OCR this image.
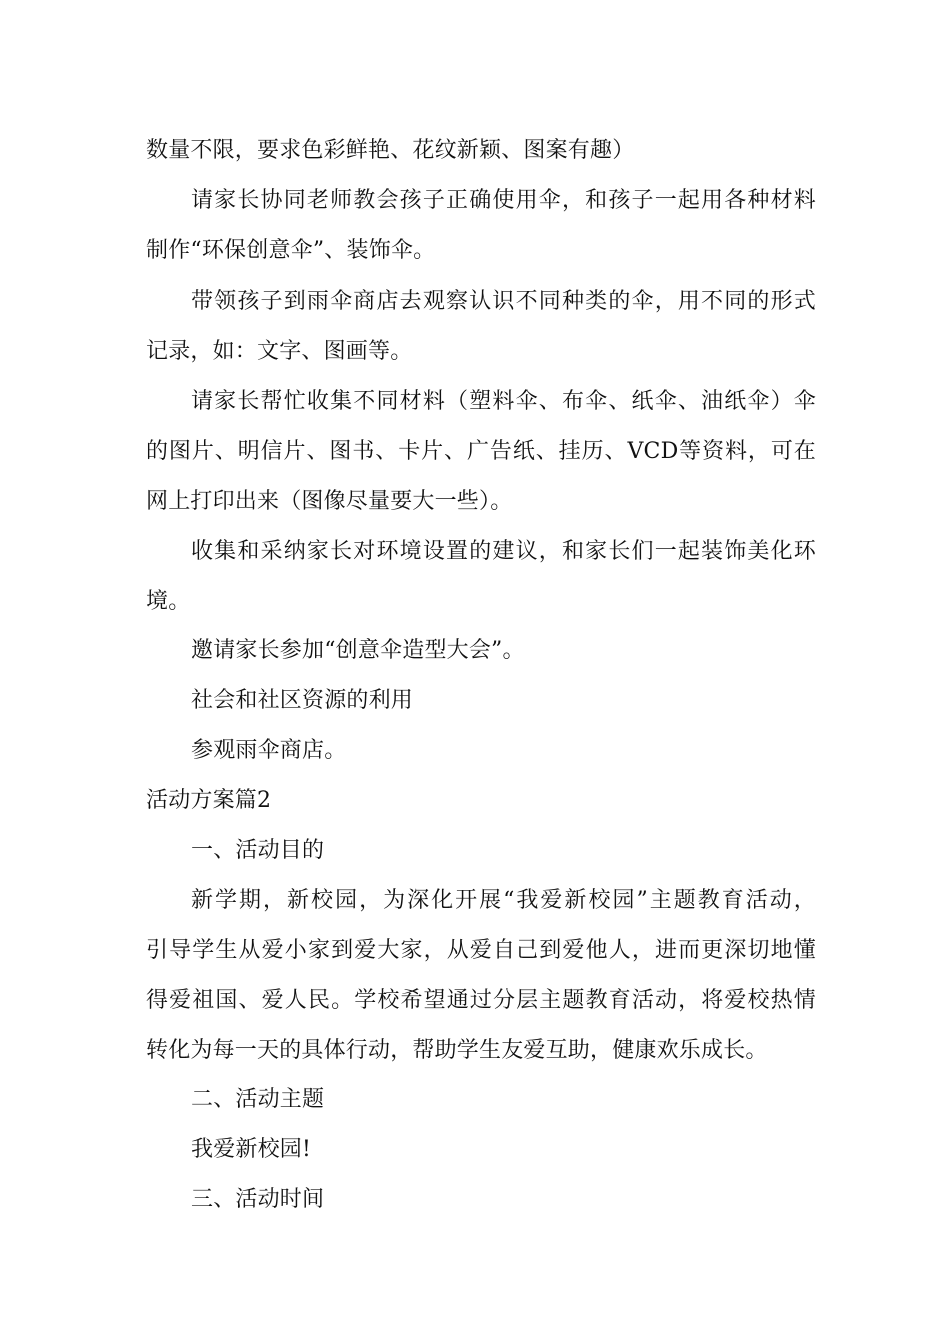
数量不限，要求色彩鲜艳、花纹新颖、图案有趣）
请家长协同老师教会孩子正确使用伞，和孩子一起用各种材料
制作“环保创意伞”、装饰伞。
带领孩子到雨伞商店去观察认识不同种类的伞，用不同的形式
记录，如：文字、图画等。
请家长帮忙收集不同材料（塑料伞、布伞、纸伞、油纸伞）伞
的图片、明信片、图书、卡片、广告纸、挂历、VCD等资料，可在
网上打印出来（图像尽量要大一些）。
收集和采纳家长对环境设置的建议，和家长们一起装饰美化环
境。
邀请家长参加“创意伞造型大会”。
社会和社区资源的利用
参观雨伞商店。
活动方案篇2
一、活动目的
新学期，新校园，为深化开展“我爱新校园”主题教育活动，
引导学生从爱小家到爱大家，从爱自己到爱他人，进而更深切地懂
得爱祖国、爱人民。学校希望通过分层主题教育活动，将爱校热情
转化为每一天的具体行动，帮助学生友爱互助，健康欢乐成长。
二、活动主题
我爱新校园!
三、活动时间
